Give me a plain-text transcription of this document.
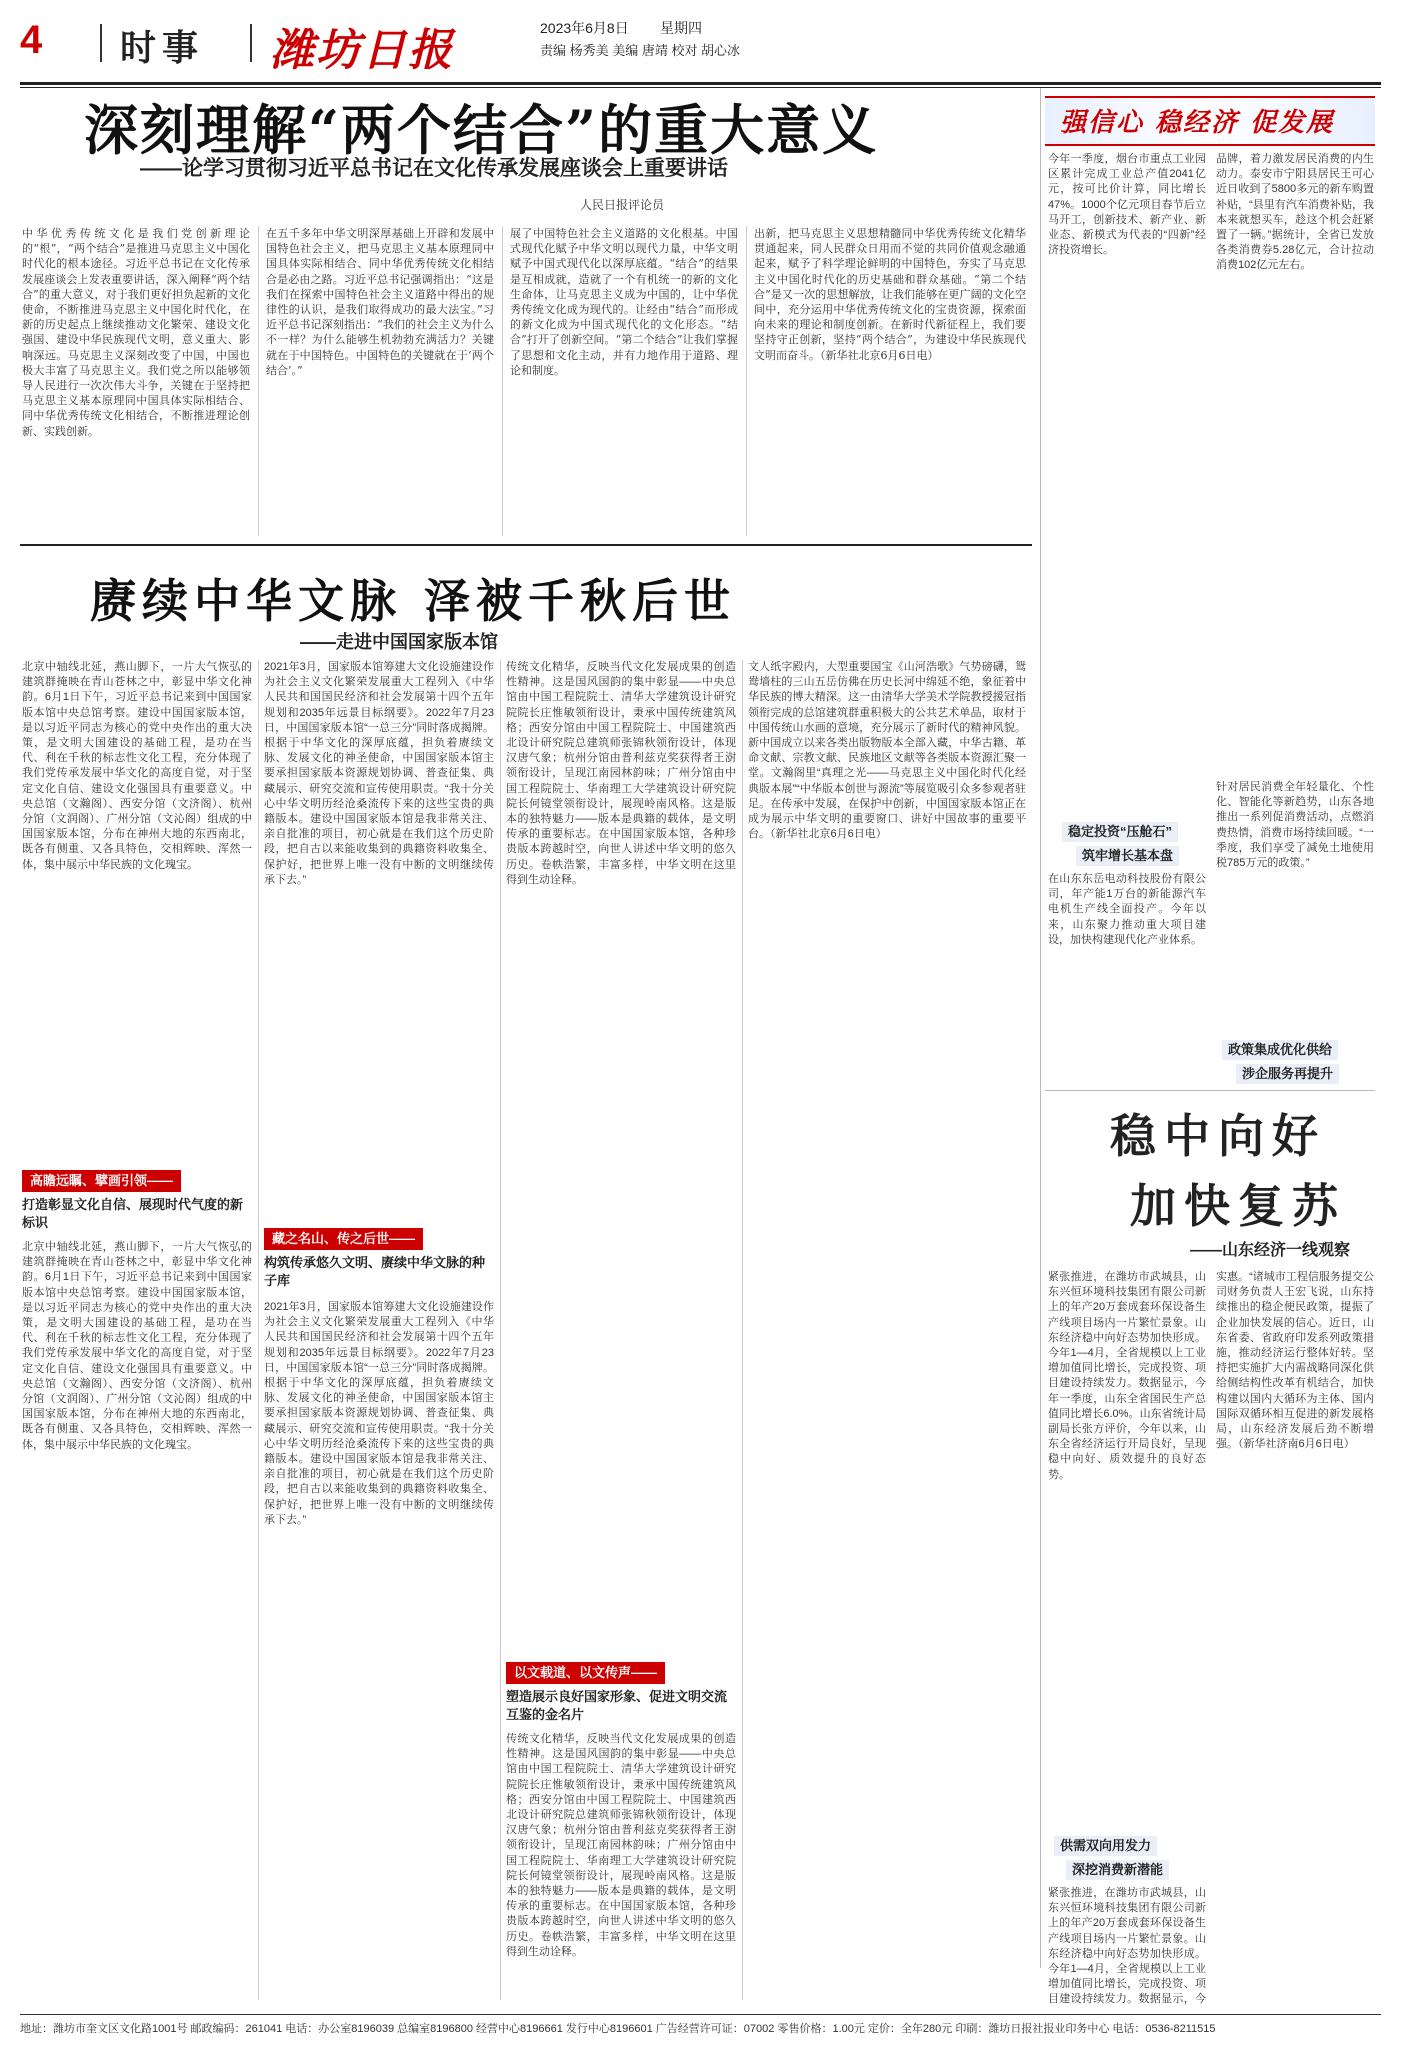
4 时事 潍坊日报	2023年6月8日 星期四
责编 杨秀美 美编 唐靖 校对 胡心冰
深刻理解“两个结合”的重大意义
——论学习贯彻习近平总书记在文化传承发展座谈会上重要讲话
人民日报评论员
中华优秀传统文化是我们党创新理论的“根”，“两个结合”是推进马克思主义中国化时代化的根本途径。习近平总书记在文化传承发展座谈会上发表重要讲话，深入阐释“两个结合”的重大意义，对于我们更好担负起新的文化使命，不断推进马克思主义中国化时代化，在新的历史起点上继续推动文化繁荣、建设文化强国、建设中华民族现代文明，意义重大、影响深远。马克思主义深刻改变了中国，中国也极大丰富了马克思主义。我们党之所以能够领导人民进行一次次伟大斗争，关键在于坚持把马克思主义基本原理同中国具体实际相结合、同中华优秀传统文化相结合，不断推进理论创新、实践创新。
在五千多年中华文明深厚基础上开辟和发展中国特色社会主义，把马克思主义基本原理同中国具体实际相结合、同中华优秀传统文化相结合是必由之路。习近平总书记强调指出：“这是我们在探索中国特色社会主义道路中得出的规律性的认识，是我们取得成功的最大法宝。”习近平总书记深刻指出：“我们的社会主义为什么不一样？为什么能够生机勃勃充满活力？关键就在于中国特色。中国特色的关键就在于‘两个结合’。”
展了中国特色社会主义道路的文化根基。中国式现代化赋予中华文明以现代力量，中华文明赋予中国式现代化以深厚底蕴。“结合”的结果是互相成就，造就了一个有机统一的新的文化生命体，让马克思主义成为中国的，让中华优秀传统文化成为现代的。让经由“结合”而形成的新文化成为中国式现代化的文化形态。“结合”打开了创新空间。“第二个结合”让我们掌握了思想和文化主动，并有力地作用于道路、理论和制度。
出新，把马克思主义思想精髓同中华优秀传统文化精华贯通起来，同人民群众日用而不觉的共同价值观念融通起来，赋予了科学理论鲜明的中国特色，夯实了马克思主义中国化时代化的历史基础和群众基础。“第二个结合”是又一次的思想解放，让我们能够在更广阔的文化空间中，充分运用中华优秀传统文化的宝贵资源，探索面向未来的理论和制度创新。在新时代新征程上，我们要坚持守正创新，坚持“两个结合”，为建设中华民族现代文明而奋斗。（新华社北京6月6日电）
赓续中华文脉 泽被千秋后世
——走进中国国家版本馆
北京中轴线北延，燕山脚下，一片大气恢弘的建筑群掩映在青山苍林之中，彰显中华文化神韵。6月1日下午，习近平总书记来到中国国家版本馆中央总馆考察。建设中国国家版本馆，是以习近平同志为核心的党中央作出的重大决策，是文明大国建设的基础工程，是功在当代、利在千秋的标志性文化工程，充分体现了我们党传承发展中华文化的高度自觉，对于坚定文化自信、建设文化强国具有重要意义。中央总馆（文瀚阁）、西安分馆（文济阁）、杭州分馆（文润阁）、广州分馆（文沁阁）组成的中国国家版本馆，分布在神州大地的东西南北，既各有侧重、又各具特色，交相辉映、浑然一体，集中展示中华民族的文化瑰宝。
高瞻远瞩、擘画引领——
打造彰显文化自信、展现时代气度的新标识
北京中轴线北延，燕山脚下，一片大气恢弘的建筑群掩映在青山苍林之中，彰显中华文化神韵。6月1日下午，习近平总书记来到中国国家版本馆中央总馆考察。建设中国国家版本馆，是以习近平同志为核心的党中央作出的重大决策，是文明大国建设的基础工程，是功在当代、利在千秋的标志性文化工程，充分体现了我们党传承发展中华文化的高度自觉，对于坚定文化自信、建设文化强国具有重要意义。中央总馆（文瀚阁）、西安分馆（文济阁）、杭州分馆（文润阁）、广州分馆（文沁阁）组成的中国国家版本馆，分布在神州大地的东西南北，既各有侧重、又各具特色，交相辉映、浑然一体，集中展示中华民族的文化瑰宝。
2021年3月，国家版本馆筹建大文化设施建设作为社会主义文化繁荣发展重大工程列入《中华人民共和国国民经济和社会发展第十四个五年规划和2035年远景目标纲要》。2022年7月23日，中国国家版本馆“一总三分”同时落成揭牌。根据于中华文化的深厚底蕴，担负着赓续文脉、发展文化的神圣使命，中国国家版本馆主要承担国家版本资源规划协调、普查征集、典藏展示、研究交流和宣传使用职责。“我十分关心中华文明历经沧桑流传下来的这些宝贵的典籍版本。建设中国国家版本馆是我非常关注、亲自批准的项目，初心就是在我们这个历史阶段，把自古以来能收集到的典籍资料收集全、保护好，把世界上唯一没有中断的文明继续传承下去。”
藏之名山、传之后世——
构筑传承悠久文明、赓续中华文脉的种子库
2021年3月，国家版本馆筹建大文化设施建设作为社会主义文化繁荣发展重大工程列入《中华人民共和国国民经济和社会发展第十四个五年规划和2035年远景目标纲要》。2022年7月23日，中国国家版本馆“一总三分”同时落成揭牌。根据于中华文化的深厚底蕴，担负着赓续文脉、发展文化的神圣使命，中国国家版本馆主要承担国家版本资源规划协调、普查征集、典藏展示、研究交流和宣传使用职责。“我十分关心中华文明历经沧桑流传下来的这些宝贵的典籍版本。建设中国国家版本馆是我非常关注、亲自批准的项目，初心就是在我们这个历史阶段，把自古以来能收集到的典籍资料收集全、保护好，把世界上唯一没有中断的文明继续传承下去。”
传统文化精华，反映当代文化发展成果的创造性精神。这是国风国韵的集中彰显——中央总馆由中国工程院院士、清华大学建筑设计研究院院长庄惟敏领衔设计，秉承中国传统建筑风格；西安分馆由中国工程院院士、中国建筑西北设计研究院总建筑师张锦秋领衔设计，体现汉唐气象；杭州分馆由普利兹克奖获得者王澍领衔设计，呈现江南园林韵味；广州分馆由中国工程院院士、华南理工大学建筑设计研究院院长何镜堂领衔设计，展现岭南风格。这是版本的独特魅力——版本是典籍的载体，是文明传承的重要标志。在中国国家版本馆，各种珍贵版本跨越时空，向世人讲述中华文明的悠久历史。卷帙浩繁，丰富多样，中华文明在这里得到生动诠释。
以文载道、以文传声——
塑造展示良好国家形象、促进文明交流互鉴的金名片
传统文化精华，反映当代文化发展成果的创造性精神。这是国风国韵的集中彰显——中央总馆由中国工程院院士、清华大学建筑设计研究院院长庄惟敏领衔设计，秉承中国传统建筑风格；西安分馆由中国工程院院士、中国建筑西北设计研究院总建筑师张锦秋领衔设计，体现汉唐气象；杭州分馆由普利兹克奖获得者王澍领衔设计，呈现江南园林韵味；广州分馆由中国工程院院士、华南理工大学建筑设计研究院院长何镜堂领衔设计，展现岭南风格。这是版本的独特魅力——版本是典籍的载体，是文明传承的重要标志。在中国国家版本馆，各种珍贵版本跨越时空，向世人讲述中华文明的悠久历史。卷帙浩繁，丰富多样，中华文明在这里得到生动诠释。
文人纸字殿内，大型重要国宝《山河浩歌》气势磅礴，鸳鸯墙柱的三山五岳仿佛在历史长河中绵延不绝，象征着中华民族的博大精深。这一由清华大学美术学院教授援冠指领衔完成的总馆建筑群重积极大的公共艺术单品，取材于中国传统山水画的意境，充分展示了新时代的精神风貌。新中国成立以来各类出版物版本全部入藏，中华古籍、革命文献、宗教文献、民族地区文献等各类版本资源汇聚一堂。文瀚阁里“真理之光——马克思主义中国化时代化经典版本展”“中华版本创世与源流”等展览吸引众多参观者驻足。在传承中发展，在保护中创新，中国国家版本馆正在成为展示中华文明的重要窗口、讲好中国故事的重要平台。（新华社北京6月6日电）
强信心 稳经济 促发展
今年一季度，烟台市重点工业园区累计完成工业总产值2041亿元，按可比价计算，同比增长47%。1000个亿元项目春节后立马开工，创新技术、新产业、新业态、新模式为代表的“四新”经济投资增长。
品牌，着力激发居民消费的内生动力。泰安市宁阳县居民王可心近日收到了5800多元的新车购置补贴，“县里有汽车消费补贴，我本来就想买车，趁这个机会赶紧置了一辆。”据统计，全省已发放各类消费券5.28亿元，合计拉动消费102亿元左右。
稳定投资“压舱石”
筑牢增长基本盘
在山东东岳电动科技股份有限公司，年产能1万台的新能源汽车电机生产线全面投产。今年以来，山东聚力推动重大项目建设，加快构建现代化产业体系。
针对居民消费全年轻量化、个性化、智能化等新趋势，山东各地推出一系列促消费活动，点燃消费热情，消费市场持续回暖。“一季度，我们享受了减免土地使用税785万元的政策。”
政策集成优化供给
涉企服务再提升
稳中向好
加快复苏
——山东经济一线观察
紧张推进，在潍坊市武城县，山东兴恒环境科技集团有限公司新上的年产20万套成套环保设备生产线项目场内一片繁忙景象。山东经济稳中向好态势加快形成。今年1—4月，全省规模以上工业增加值同比增长，完成投资、项目建设持续发力。数据显示，今年一季度，山东全省国民生产总值同比增长6.0%。山东省统计局副局长张方评价，今年以来，山东全省经济运行开局良好，呈现稳中向好、质效提升的良好态势。
供需双向用发力
深挖消费新潜能
紧张推进，在潍坊市武城县，山东兴恒环境科技集团有限公司新上的年产20万套成套环保设备生产线项目场内一片繁忙景象。山东经济稳中向好态势加快形成。今年1—4月，全省规模以上工业增加值同比增长，完成投资、项目建设持续发力。数据显示，今
实惠。“诸城市工程信服务提交公司财务负责人王宏飞说，山东持续推出的稳企便民政策，提振了企业加快发展的信心。近日，山东省委、省政府印发系列政策措施，推动经济运行整体好转。坚持把实施扩大内需战略同深化供给侧结构性改革有机结合，加快构建以国内大循环为主体、国内国际双循环相互促进的新发展格局，山东经济发展后劲不断增强。（新华社济南6月6日电）
地址：潍坊市奎文区文化路1001号 邮政编码：261041 电话：办公室8196039 总编室8196800 经营中心8196661 发行中心8196601 广告经营许可证：07002 零售价格：1.00元 定价：全年280元 印刷：潍坊日报社报业印务中心 电话：0536-8211515
